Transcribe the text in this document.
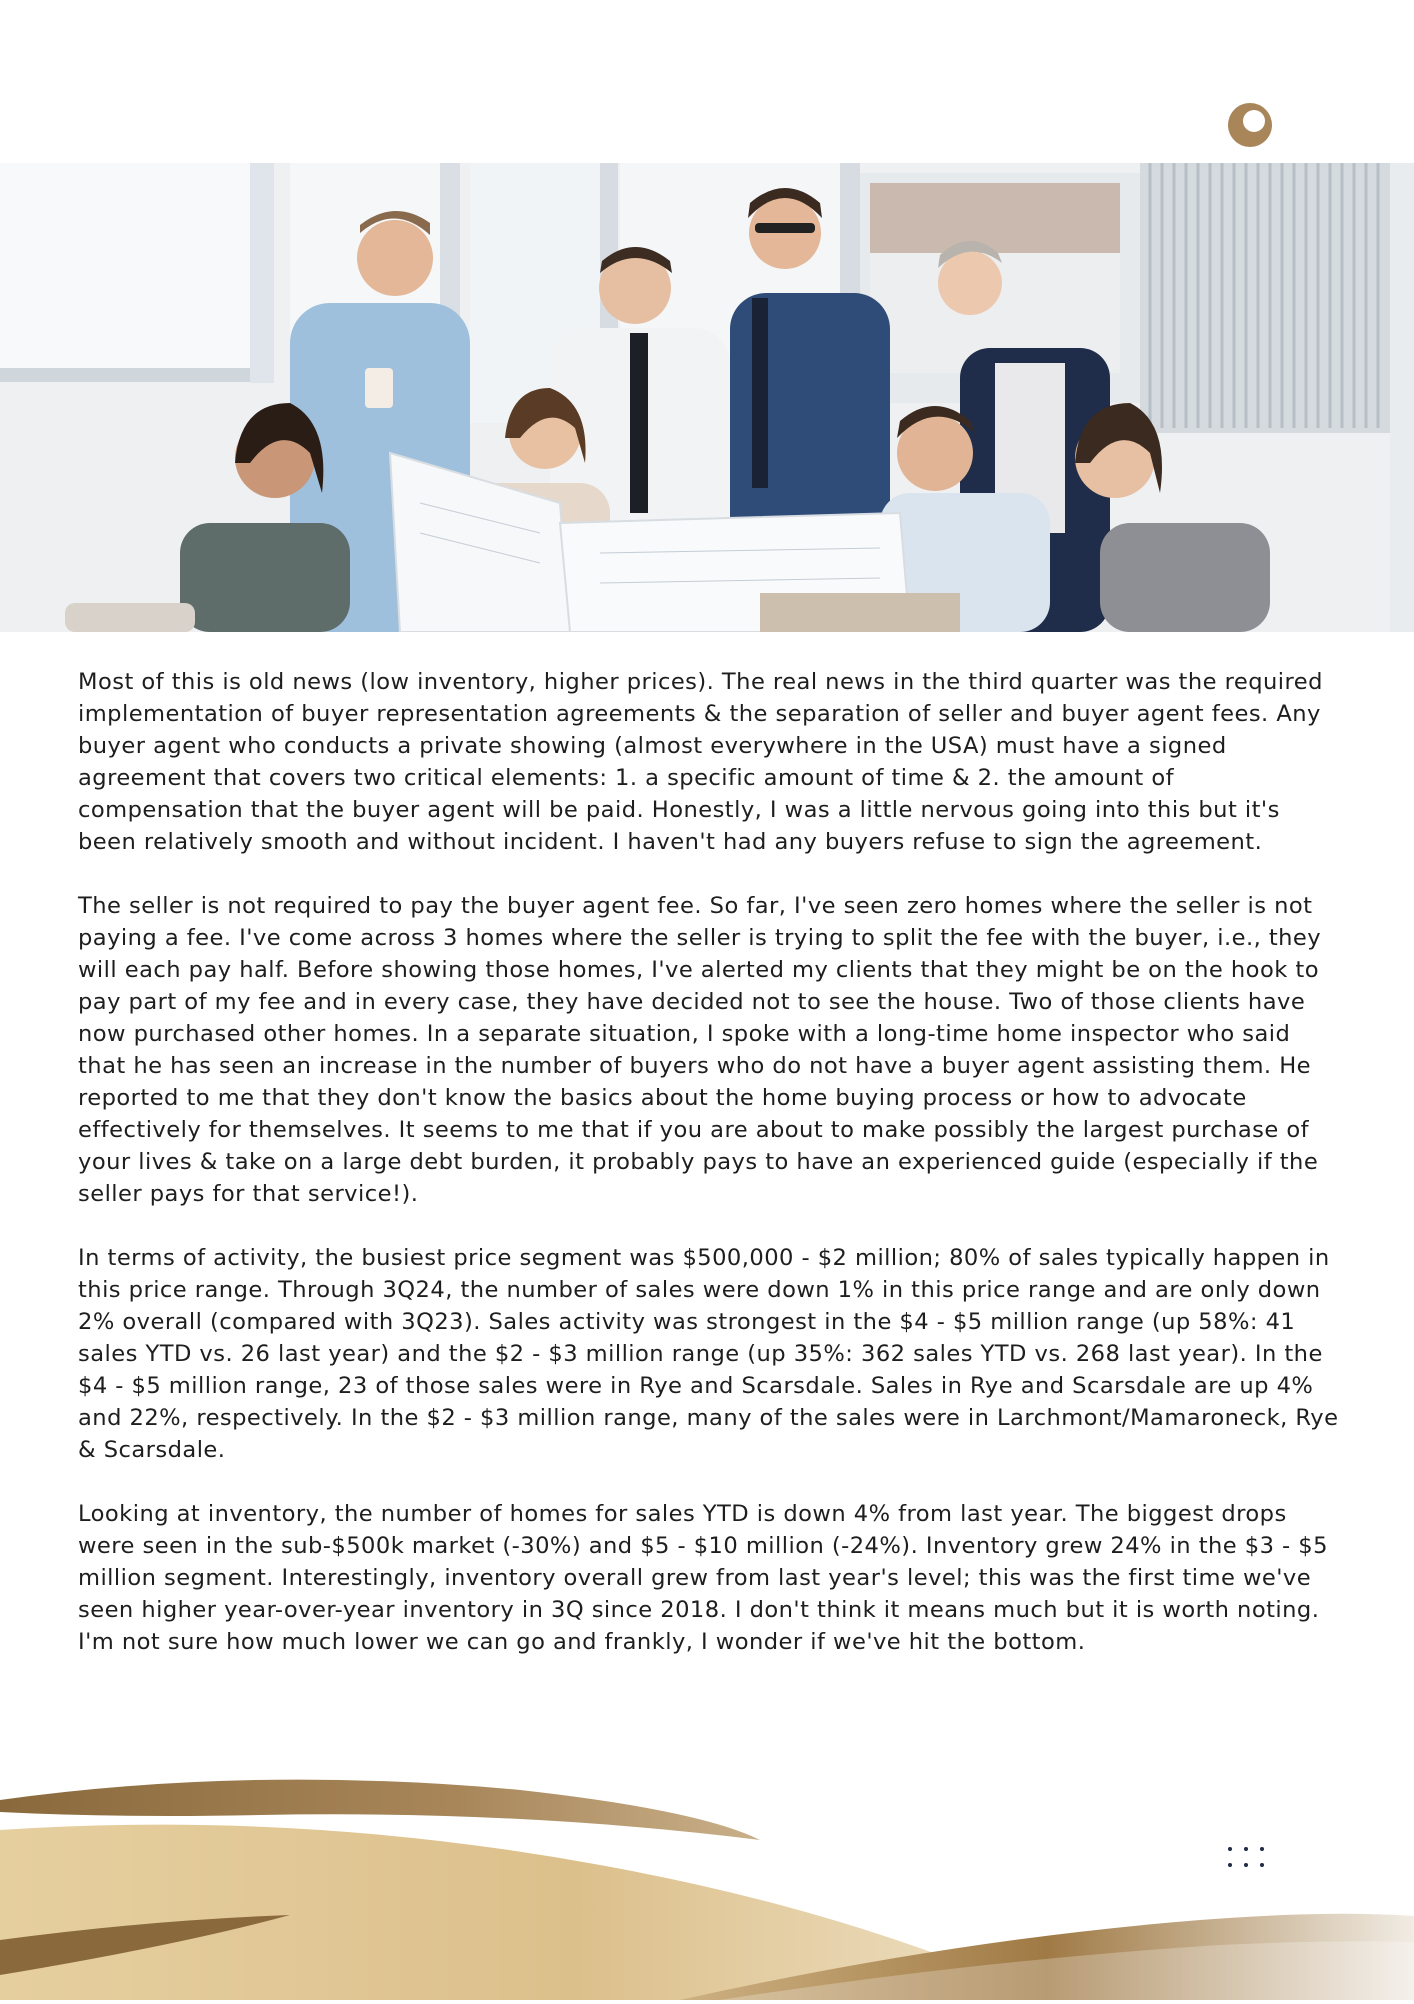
Most of this is old news (low inventory, higher prices). The real news in the third quarter was the required implementation of buyer representation agreements & the separation of seller and buyer agent fees. Any buyer agent who conducts a private showing (almost everywhere in the USA) must have a signed agreement that covers two critical elements: 1. a specific amount of time & 2. the amount of compensation that the buyer agent will be paid. Honestly, I was a little nervous going into this but it's been relatively smooth and without incident. I haven't had any buyers refuse to sign the agreement.

The seller is not required to pay the buyer agent fee. So far, I've seen zero homes where the seller is not paying a fee. I've come across 3 homes where the seller is trying to split the fee with the buyer, i.e., they will each pay half. Before showing those homes, I've alerted my clients that they might be on the hook to pay part of my fee and in every case, they have decided not to see the house. Two of those clients have now purchased other homes. In a separate situation, I spoke with a long-time home inspector who said that he has seen an increase in the number of buyers who do not have a buyer agent assisting them. He reported to me that they don't know the basics about the home buying process or how to advocate effectively for themselves. It seems to me that if you are about to make possibly the largest purchase of your lives & take on a large debt burden, it probably pays to have an experienced guide (especially if the seller pays for that service!).

In terms of activity, the busiest price segment was $500,000 - $2 million; 80% of sales typically happen in this price range. Through 3Q24, the number of sales were down 1% in this price range and are only down 2% overall (compared with 3Q23). Sales activity was strongest in the $4 - $5 million range (up 58%: 41 sales YTD vs. 26 last year) and the $2 - $3 million range (up 35%: 362 sales YTD vs. 268 last year). In the $4 - $5 million range, 23 of those sales were in Rye and Scarsdale. Sales in Rye and Scarsdale are up 4% and 22%, respectively. In the $2 - $3 million range, many of the sales were in Larchmont/Mamaroneck, Rye & Scarsdale.

Looking at inventory, the number of homes for sales YTD is down 4% from last year. The biggest drops were seen in the sub-$500k market (-30%) and $5 - $10 million (-24%). Inventory grew 24% in the $3 - $5 million segment. Interestingly, inventory overall grew from last year's level; this was the first time we've seen higher year-over-year inventory in 3Q since 2018. I don't think it means much but it is worth noting. I'm not sure how much lower we can go and frankly, I wonder if we've hit the bottom.
